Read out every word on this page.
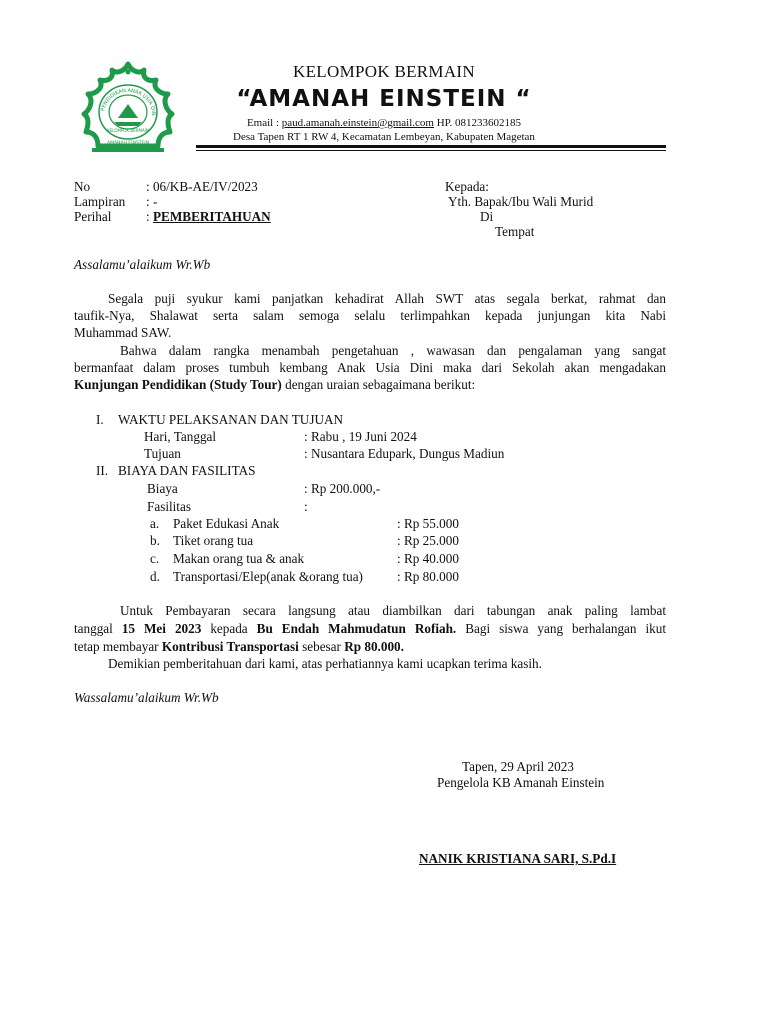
PENDIDIKAN ANAK USIA DIN
KELOMPOK BERMAIN
AMANAH EINSTEIN
KELOMPOK BERMAIN
“AMANAH EINSTEIN “
Email : paud.amanah.einstein@gmail.com HP. 081233602185
Desa Tapen RT 1 RW 4, Kecamatan Lembeyan, Kabupaten Magetan
No	: 06/KB-AE/IV/2023
Lampiran : -
Perihal	: PEMBERITAHUAN
Kepada:
Yth. Bapak/Ibu Wali Murid
Di
Tempat
Assalamu’alaikum Wr.Wb
Segala puji syukur kami panjatkan kehadirat Allah SWT atas segala berkat, rahmat dan
taufik-Nya, Shalawat serta salam semoga selalu terlimpahkan kepada junjungan kita Nabi
Muhammad SAW.
Bahwa dalam rangka menambah pengetahuan , wawasan dan pengalaman yang sangat
bermanfaat dalam proses tumbuh kembang Anak Usia Dini maka dari Sekolah akan mengadakan
Kunjungan Pendidikan (Study Tour) dengan uraian sebagaimana berikut:
I. WAKTU PELAKSANAN DAN TUJUAN
Hari, Tanggal	: Rabu , 19 Juni 2024
Tujuan	: Nusantara Edupark, Dungus Madiun
II. BIAYA DAN FASILITAS
Biaya	: Rp 200.000,-
Fasilitas	:
a. Paket Edukasi Anak	: Rp 55.000
b. Tiket orang tua	: Rp 25.000
c. Makan orang tua & anak	: Rp 40.000
d. Transportasi/Elep(anak &orang tua)	: Rp 80.000
Untuk Pembayaran secara langsung atau diambilkan dari tabungan anak paling lambat
tanggal 15 Mei 2023 kepada Bu Endah Mahmudatun Rofiah. Bagi siswa yang berhalangan ikut
tetap membayar Kontribusi Transportasi sebesar Rp 80.000.
Demikian pemberitahuan dari kami, atas perhatiannya kami ucapkan terima kasih.
Wassalamu’alaikum Wr.Wb
Tapen, 29 April 2023
Pengelola KB Amanah Einstein
NANIK KRISTIANA SARI, S.Pd.I
